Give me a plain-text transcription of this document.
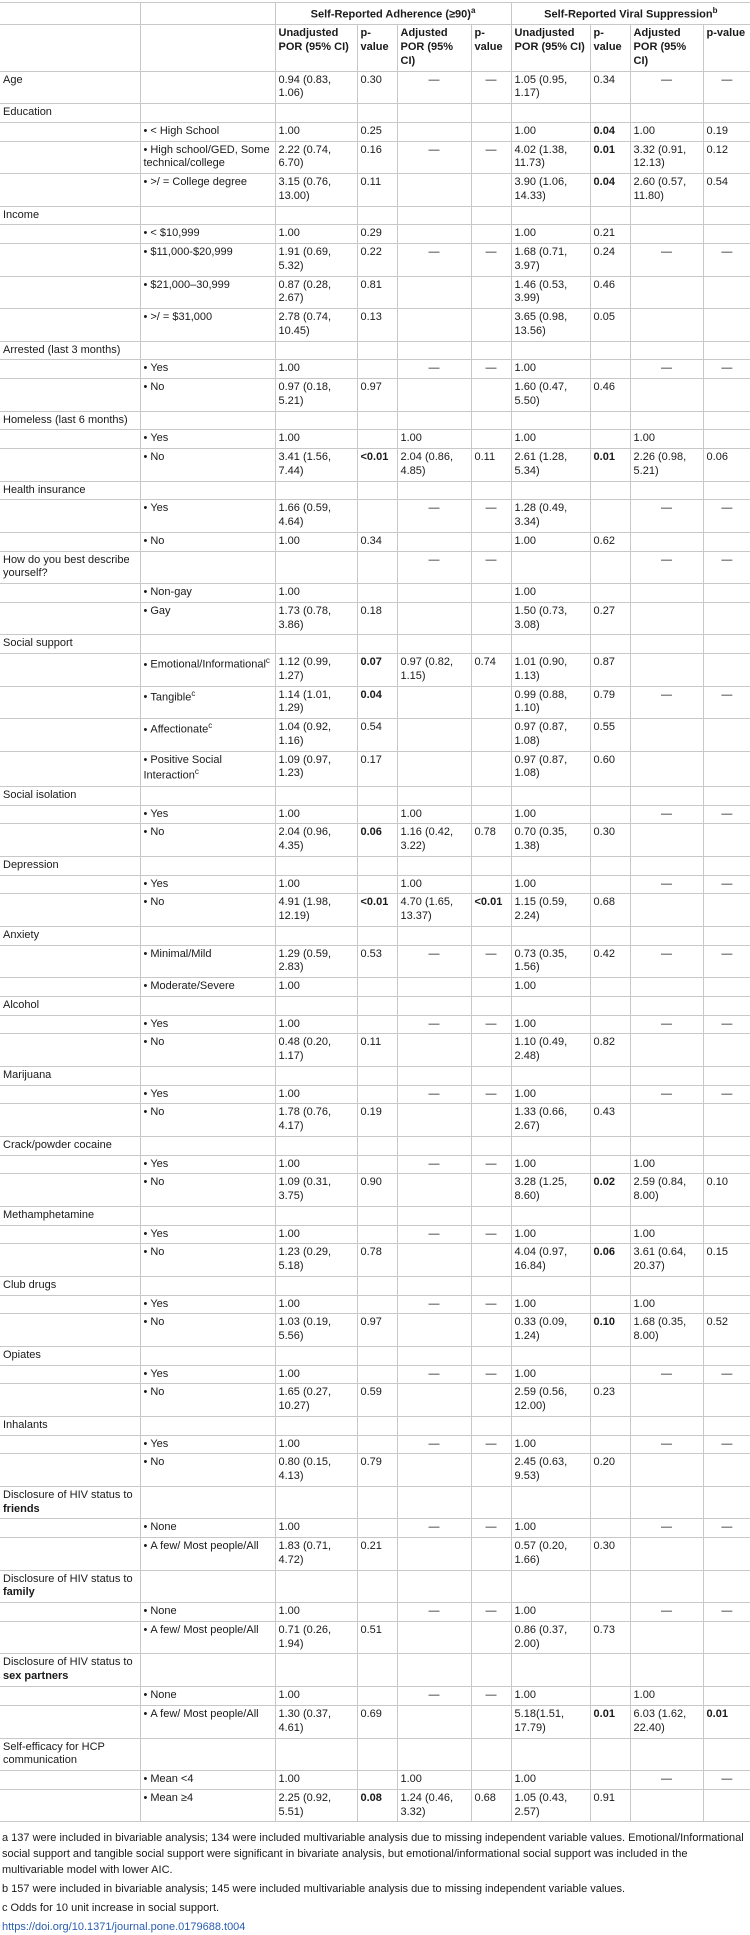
		Self-Reported Adherence (≥90)$^a$				Self-Reported Viral Suppression$^b$
		Unadjusted POR (95% CI)	p-value	Adjusted POR (95% CI)	p-value	Unadjusted POR (95% CI)	p-value	Adjusted POR (95% CI)	p-value
Age		0.94 (0.83, 1.06)	0.30	—	—	1.05 (0.95, 1.17)	0.34	—	—
Education									
	• < High School	1.00	0.25			1.00	0.04	1.00	0.19
	• High school/GED, Some technical/college	2.22 (0.74, 6.70)	0.16	—	—	4.02 (1.38, 11.73)	0.01	3.32 (0.91, 12.13)	0.12
	• >/ = College degree	3.15 (0.76, 13.00)	0.11			3.90 (1.06, 14.33)	0.04	2.60 (0.57, 11.80)	0.54
Income									
	• < $10,999	1.00	0.29			1.00	0.21		
	• $11,000-$20,999	1.91 (0.69, 5.32)	0.22	—	—	1.68 (0.71, 3.97)	0.24	—	—
	• $21,000–30,999	0.87 (0.28, 2.67)	0.81			1.46 (0.53, 3.99)	0.46		
	• >/ = $31,000	2.78 (0.74, 10.45)	0.13			3.65 (0.98, 13.56)	0.05		
Arrested (last 3 months)									
	• Yes	1.00		—	—	1.00		—	—
	• No	0.97 (0.18, 5.21)	0.97			1.60 (0.47, 5.50)	0.46		
Homeless (last 6 months)									
	• Yes	1.00		1.00		1.00		1.00	
	• No	3.41 (1.56, 7.44)	<0.01	2.04 (0.86, 4.85)	0.11	2.61 (1.28, 5.34)	0.01	2.26 (0.98, 5.21)	0.06
Health insurance									
	• Yes	1.66 (0.59, 4.64)		—	—	1.28 (0.49, 3.34)		—	—
	• No	1.00	0.34			1.00	0.62		
How do you best describe yourself?				—	—			—	—
	• Non-gay	1.00				1.00			
	• Gay	1.73 (0.78, 3.86)	0.18			1.50 (0.73, 3.08)	0.27		
Social support									
	• Emotional/Informational$^c$	1.12 (0.99, 1.27)	0.07	0.97 (0.82, 1.15)	0.74	1.01 (0.90, 1.13)	0.87		
	• Tangible$^c$	1.14 (1.01, 1.29)	0.04			0.99 (0.88, 1.10)	0.79	—	—
	• Affectionate$^c$	1.04 (0.92, 1.16)	0.54			0.97 (0.87, 1.08)	0.55		
	• Positive Social Interaction$^c$	1.09 (0.97, 1.23)	0.17			0.97 (0.87, 1.08)	0.60		
Social isolation									
	• Yes	1.00		1.00		1.00		—	—
	• No	2.04 (0.96, 4.35)	0.06	1.16 (0.42, 3.22)	0.78	0.70 (0.35, 1.38)	0.30		
Depression									
	• Yes	1.00		1.00		1.00		—	—
	• No	4.91 (1.98, 12.19)	<0.01	4.70 (1.65, 13.37)	<0.01	1.15 (0.59, 2.24)	0.68		
Anxiety									
	• Minimal/Mild	1.29 (0.59, 2.83)	0.53	—	—	0.73 (0.35, 1.56)	0.42	—	—
	• Moderate/Severe	1.00				1.00			
Alcohol									
	• Yes	1.00		—	—	1.00		—	—
	• No	0.48 (0.20, 1.17)	0.11			1.10 (0.49, 2.48)	0.82		
Marijuana									
	• Yes	1.00		—	—	1.00		—	—
	• No	1.78 (0.76, 4.17)	0.19			1.33 (0.66, 2.67)	0.43		
Crack/powder cocaine									
	• Yes	1.00		—	—	1.00		1.00	
	• No	1.09 (0.31, 3.75)	0.90			3.28 (1.25, 8.60)	0.02	2.59 (0.84, 8.00)	0.10
Methamphetamine									
	• Yes	1.00		—	—	1.00		1.00	
	• No	1.23 (0.29, 5.18)	0.78			4.04 (0.97, 16.84)	0.06	3.61 (0.64, 20.37)	0.15
Club drugs									
	• Yes	1.00		—	—	1.00		1.00	
	• No	1.03 (0.19, 5.56)	0.97			0.33 (0.09, 1.24)	0.10	1.68 (0.35, 8.00)	0.52
Opiates									
	• Yes	1.00		—	—	1.00		—	—
	• No	1.65 (0.27, 10.27)	0.59			2.59 (0.56, 12.00)	0.23		
Inhalants									
	• Yes	1.00		—	—	1.00		—	—
	• No	0.80 (0.15, 4.13)	0.79			2.45 (0.63, 9.53)	0.20		
Disclosure of HIV status to friends									
	• None	1.00		—	—	1.00		—	—
	• A few/ Most people/All	1.83 (0.71, 4.72)	0.21			0.57 (0.20, 1.66)	0.30		
Disclosure of HIV status to family									
	• None	1.00		—	—	1.00		—	—
	• A few/ Most people/All	0.71 (0.26, 1.94)	0.51			0.86 (0.37, 2.00)	0.73		
Disclosure of HIV status to sex partners									
	• None	1.00		—	—	1.00		1.00	
	• A few/ Most people/All	1.30 (0.37, 4.61)	0.69			5.18(1.51, 17.79)	0.01	6.03 (1.62, 22.40)	0.01
Self-efficacy for HCP communication									
	• Mean <4	1.00		1.00		1.00		—	—
	• Mean ≥4	2.25 (0.92, 5.51)	0.08	1.24 (0.46, 3.32)	0.68	1.05 (0.43, 2.57)	0.91		

a 137 were included in bivariable analysis; 134 were included multivariable analysis due to missing independent variable values. Emotional/Informational social support and tangible social support were significant in bivariate analysis, but emotional/informational social support was included in the multivariable model with lower AIC.

b 157 were included in bivariable analysis; 145 were included multivariable analysis due to missing independent variable values.

c Odds for 10 unit increase in social support.

https://doi.org/10.1371/journal.pone.0179688.t004
